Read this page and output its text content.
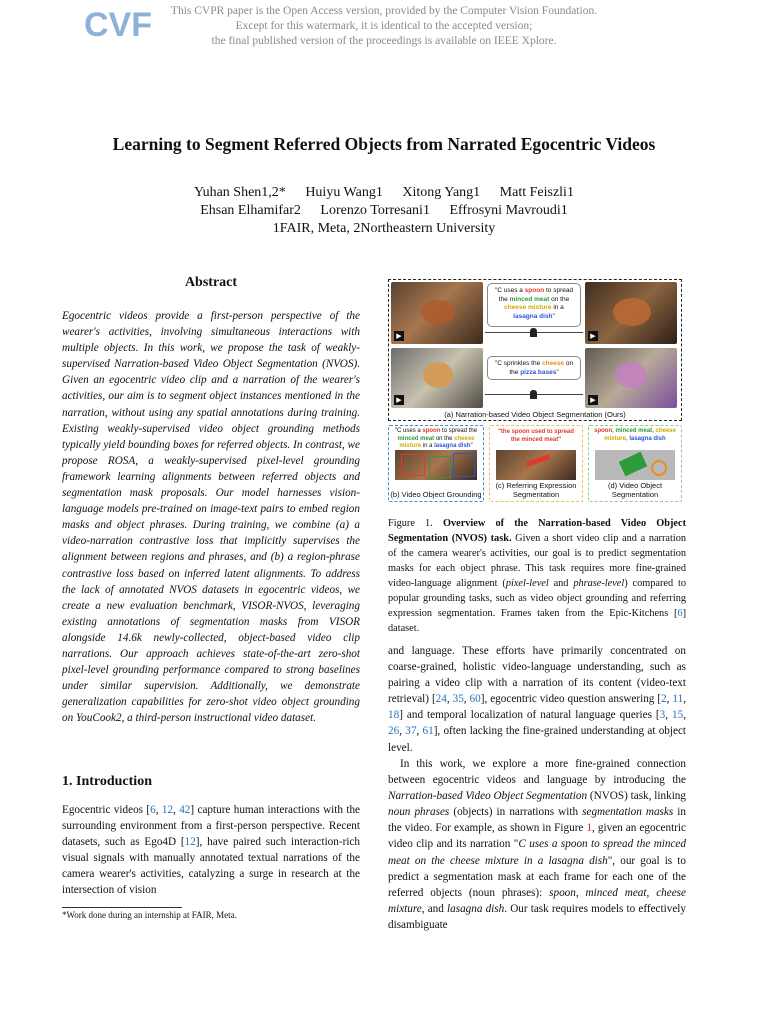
This CVPR paper is the Open Access version, provided by the Computer Vision Foundation.
Except for this watermark, it is identical to the accepted version;
the final published version of the proceedings is available on IEEE Xplore.
CVF
Learning to Segment Referred Objects from Narrated Egocentric Videos
Yuhan Shen1,2* Huiyu Wang1 Xitong Yang1 Matt Feiszli1
Ehsan Elhamifar2 Lorenzo Torresani1 Effrosyni Mavroudi1
1FAIR, Meta, 2Northeastern University
Abstract
Egocentric videos provide a first-person perspective of the wearer's activities, involving simultaneous interactions with multiple objects. In this work, we propose the task of weakly-supervised Narration-based Video Object Segmentation (NVOS). Given an egocentric video clip and a narration of the wearer's activities, our aim is to segment object instances mentioned in the narration, without using any spatial annotations during training. Existing weakly-supervised video object grounding methods typically yield bounding boxes for referred objects. In contrast, we propose ROSA, a weakly-supervised pixel-level grounding framework learning alignments between referred objects and segmentation mask proposals. Our model harnesses vision-language models pre-trained on image-text pairs to embed region masks and object phrases. During training, we combine (a) a video-narration contrastive loss that implicitly supervises the alignment between regions and phrases, and (b) a region-phrase contrastive loss based on inferred latent alignments. To address the lack of annotated NVOS datasets in egocentric videos, we create a new evaluation benchmark, VISOR-NVOS, leveraging existing annotations of segmentation masks from VISOR alongside 14.6k newly-collected, object-based video clip narrations. Our approach achieves state-of-the-art zero-shot pixel-level grounding performance compared to strong baselines under similar supervision. Additionally, we demonstrate generalization capabilities for zero-shot video object grounding on YouCook2, a third-person instructional video dataset.
1. Introduction
Egocentric videos [6, 12, 42] capture human interactions with the surrounding environment from a first-person perspective. Recent datasets, such as Ego4D [12], have paired such interaction-rich visual signals with manually annotated textual narrations of the camera wearer's activities, catalyzing a surge in research at the intersection of vision
*Work done during an internship at FAIR, Meta.
▶	▶
"C uses a spoon to spread the minced meat on the cheese mixture in a lasagna dish"
▶	▶
"C sprinkles the cheese on the pizza bases"
(a) Narration-based Video Object Segmentation (Ours)
"C uses a spoon to spread the minced meat on the cheese mixture in a lasagna dish"
(b) Video Object Grounding
"the spoon used to spread the minced meat"
(c) Referring Expression Segmentation
spoon, minced meat, cheese mixture, lasagna dish
(d) Video Object Segmentation
Figure 1. Overview of the Narration-based Video Object Segmentation (NVOS) task. Given a short video clip and a narration of the camera wearer's activities, our goal is to predict segmentation masks for each object phrase. This task requires more fine-grained video-language alignment (pixel-level and phrase-level) compared to popular grounding tasks, such as video object grounding and referring expression segmentation. Frames taken from the Epic-Kitchens [6] dataset.
and language. These efforts have primarily concentrated on coarse-grained, holistic video-language understanding, such as pairing a video clip with a narration of its content (video-text retrieval) [24, 35, 60], egocentric video question answering [2, 11, 18] and temporal localization of natural language queries [3, 15, 26, 37, 61], often lacking the fine-grained understanding at object level.
In this work, we explore a more fine-grained connection between egocentric videos and language by introducing the Narration-based Video Object Segmentation (NVOS) task, linking noun phrases (objects) in narrations with segmentation masks in the video. For example, as shown in Figure 1, given an egocentric video clip and its narration "C uses a spoon to spread the minced meat on the cheese mixture in a lasagna dish", our goal is to predict a segmentation mask at each frame for each one of the referred objects (noun phrases): spoon, minced meat, cheese mixture, and lasagna dish. Our task requires models to effectively disambiguate
